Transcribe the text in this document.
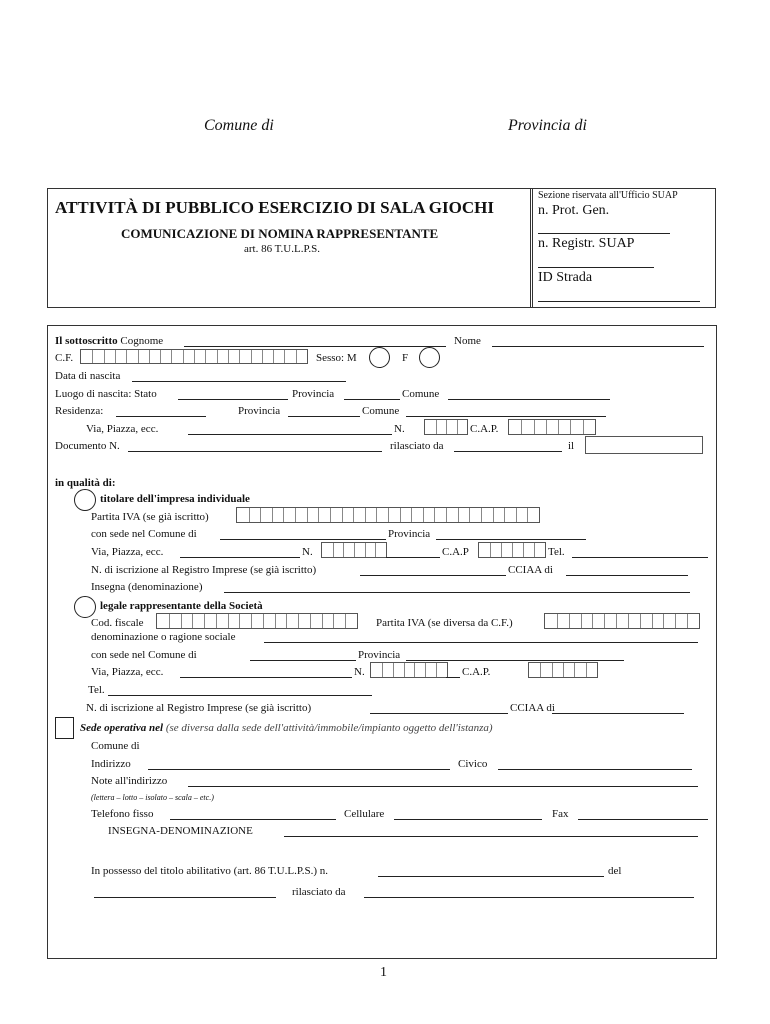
Comune di	Provincia di
ATTIVITÀ DI PUBBLICO ESERCIZIO DI SALA GIOCHI
COMUNICAZIONE DI NOMINA RAPPRESENTANTE
art. 86 T.U.L.P.S.
Sezione riservata all'Ufficio SUAP
n. Prot. Gen.
n. Registr. SUAP
ID Strada
Il sottoscritto Cognome	Nome
C.F.	Sesso: M	F
Data di nascita
Luogo di nascita: Stato	Provincia	Comune
Residenza:	Provincia	Comune
Via, Piazza, ecc.	N.	C.A.P.
Documento N.	rilasciato da	il
in qualità di:
titolare dell'impresa individuale
Partita IVA (se già iscritto)
con sede nel Comune di	Provincia
Via, Piazza, ecc.	N.	C.A.P	Tel.
N. di iscrizione al Registro Imprese (se già iscritto)	CCIAA di
Insegna (denominazione)
legale rappresentante della Società
Cod. fiscale	Partita IVA (se diversa da C.F.)
denominazione o ragione sociale
con sede nel Comune di	Provincia
Via, Piazza, ecc.	N.	C.A.P.
Tel.
N. di iscrizione al Registro Imprese (se già iscritto)	CCIAA di
Sede operativa nel (se diversa dalla sede dell'attività/immobile/impianto oggetto dell'istanza)
Comune di
Indirizzo	Civico
Note all'indirizzo
(lettera – lotto – isolato – scala – etc.)
Telefono fisso	Cellulare	Fax
INSEGNA-DENOMINAZIONE
In possesso del titolo abilitativo (art. 86 T.U.L.P.S.) n.	del
rilasciato da
1
